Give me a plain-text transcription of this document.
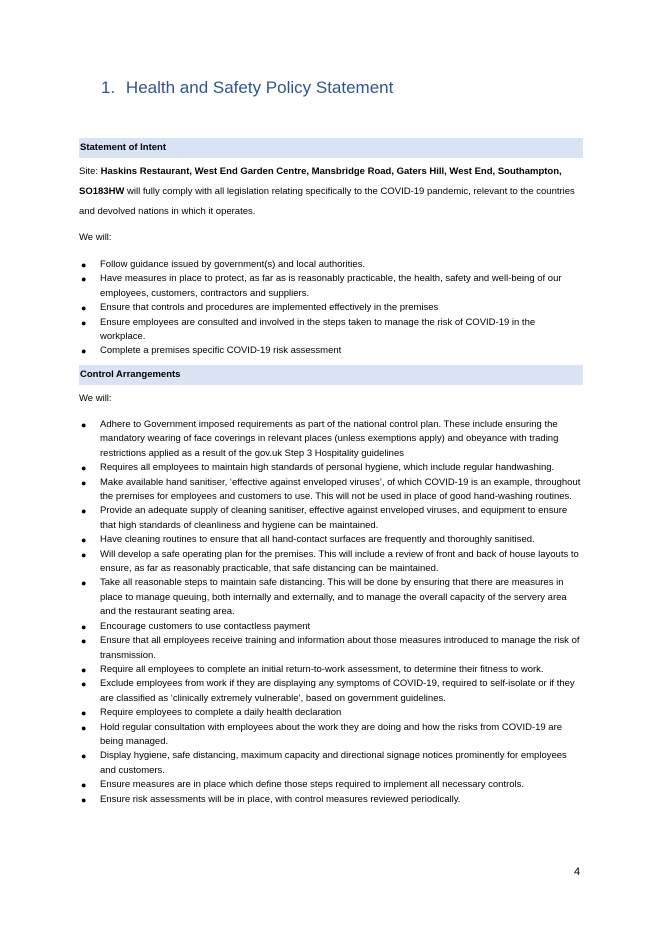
1. Health and Safety Policy Statement
Statement of Intent
Site: Haskins Restaurant, West End Garden Centre, Mansbridge Road, Gaters Hill, West End, Southampton, SO183HW will fully comply with all legislation relating specifically to the COVID-19 pandemic, relevant to the countries and devolved nations in which it operates.
We will:
● Follow guidance issued by government(s) and local authorities.
● Have measures in place to protect, as far as is reasonably practicable, the health, safety and well-being of our employees, customers, contractors and suppliers.
● Ensure that controls and procedures are implemented effectively in the premises
● Ensure employees are consulted and involved in the steps taken to manage the risk of COVID-19 in the workplace.
● Complete a premises specific COVID-19 risk assessment
Control Arrangements
We will:
● Adhere to Government imposed requirements as part of the national control plan. These include ensuring the mandatory wearing of face coverings in relevant places (unless exemptions apply) and obeyance with trading restrictions applied as a result of the gov.uk Step 3 Hospitality guidelines
● Requires all employees to maintain high standards of personal hygiene, which include regular handwashing.
● Make available hand sanitiser, ‘effective against enveloped viruses’, of which COVID-19 is an example, throughout the premises for employees and customers to use. This will not be used in place of good hand-washing routines.
● Provide an adequate supply of cleaning sanitiser, effective against enveloped viruses, and equipment to ensure that high standards of cleanliness and hygiene can be maintained.
● Have cleaning routines to ensure that all hand-contact surfaces are frequently and thoroughly sanitised.
● Will develop a safe operating plan for the premises. This will include a review of front and back of house layouts to ensure, as far as reasonably practicable, that safe distancing can be maintained.
● Take all reasonable steps to maintain safe distancing. This will be done by ensuring that there are measures in place to manage queuing, both internally and externally, and to manage the overall capacity of the servery area and the restaurant seating area.
● Encourage customers to use contactless payment
● Ensure that all employees receive training and information about those measures introduced to manage the risk of transmission.
● Require all employees to complete an initial return-to-work assessment, to determine their fitness to work.
● Exclude employees from work if they are displaying any symptoms of COVID-19, required to self-isolate or if they are classified as ‘clinically extremely vulnerable’, based on government guidelines.
● Require employees to complete a daily health declaration
● Hold regular consultation with employees about the work they are doing and how the risks from COVID-19 are being managed.
● Display hygiene, safe distancing, maximum capacity and directional signage notices prominently for employees and customers.
● Ensure measures are in place which define those steps required to implement all necessary controls.
● Ensure risk assessments will be in place, with control measures reviewed periodically.
4
